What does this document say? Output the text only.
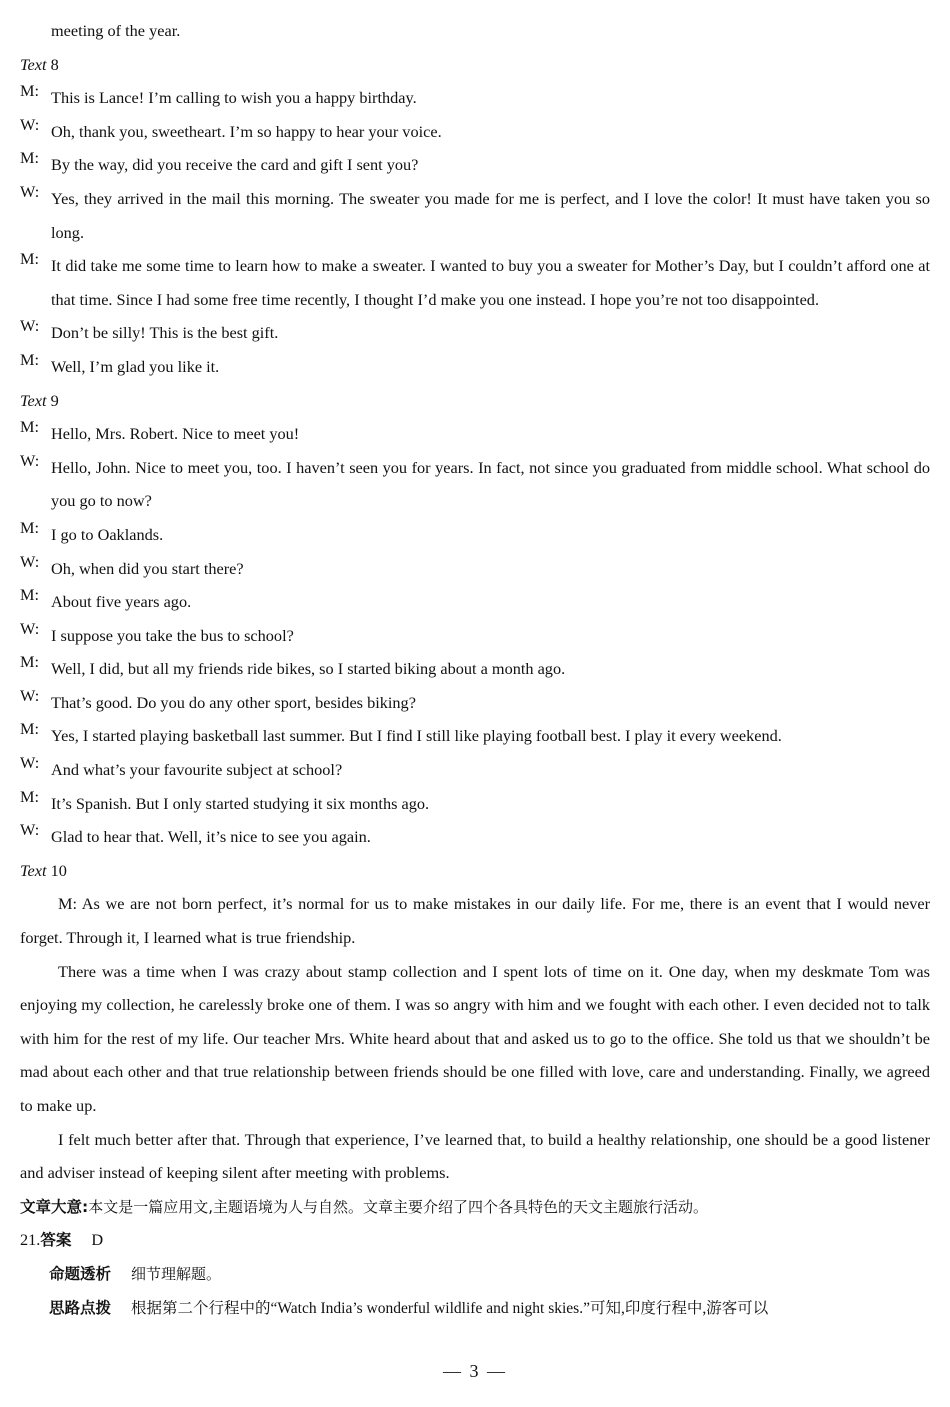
meeting of the year.
Text 8
M: This is Lance! I’m calling to wish you a happy birthday.
W: Oh, thank you, sweetheart. I’m so happy to hear your voice.
M: By the way, did you receive the card and gift I sent you?
W: Yes, they arrived in the mail this morning. The sweater you made for me is perfect, and I love the color! It must have taken you so long.
M: It did take me some time to learn how to make a sweater. I wanted to buy you a sweater for Mother’s Day, but I couldn’t afford one at that time. Since I had some free time recently, I thought I’d make you one instead. I hope you’re not too disappointed.
W: Don’t be silly! This is the best gift.
M: Well, I’m glad you like it.
Text 9
M: Hello, Mrs. Robert. Nice to meet you!
W: Hello, John. Nice to meet you, too. I haven’t seen you for years. In fact, not since you graduated from middle school. What school do you go to now?
M: I go to Oaklands.
W: Oh, when did you start there?
M: About five years ago.
W: I suppose you take the bus to school?
M: Well, I did, but all my friends ride bikes, so I started biking about a month ago.
W: That’s good. Do you do any other sport, besides biking?
M: Yes, I started playing basketball last summer. But I find I still like playing football best. I play it every weekend.
W: And what’s your favourite subject at school?
M: It’s Spanish. But I only started studying it six months ago.
W: Glad to hear that. Well, it’s nice to see you again.
Text 10

M: As we are not born perfect, it’s normal for us to make mistakes in our daily life. For me, there is an event that I would never forget. Through it, I learned what is true friendship.

There was a time when I was crazy about stamp collection and I spent lots of time on it. One day, when my deskmate Tom was enjoying my collection, he carelessly broke one of them. I was so angry with him and we fought with each other. I even decided not to talk with him for the rest of my life. Our teacher Mrs. White heard about that and asked us to go to the office. She told us that we shouldn’t be mad about each other and that true relationship between friends should be one filled with love, care and understanding. Finally, we agreed to make up.

I felt much better after that. Through that experience, I’ve learned that, to build a healthy relationship, one should be a good listener and adviser instead of keeping silent after meeting with problems.

文章大意:本文是一篇应用文,主题语境为人与自然。文章主要介绍了四个各具特色的天文主题旅行活动。
21.答案 D
命题透析 细节理解题。
思路点拨 根据第二个行程中的“Watch India’s wonderful wildlife and night skies.”可知,印度行程中,游客可以
— 3 —
